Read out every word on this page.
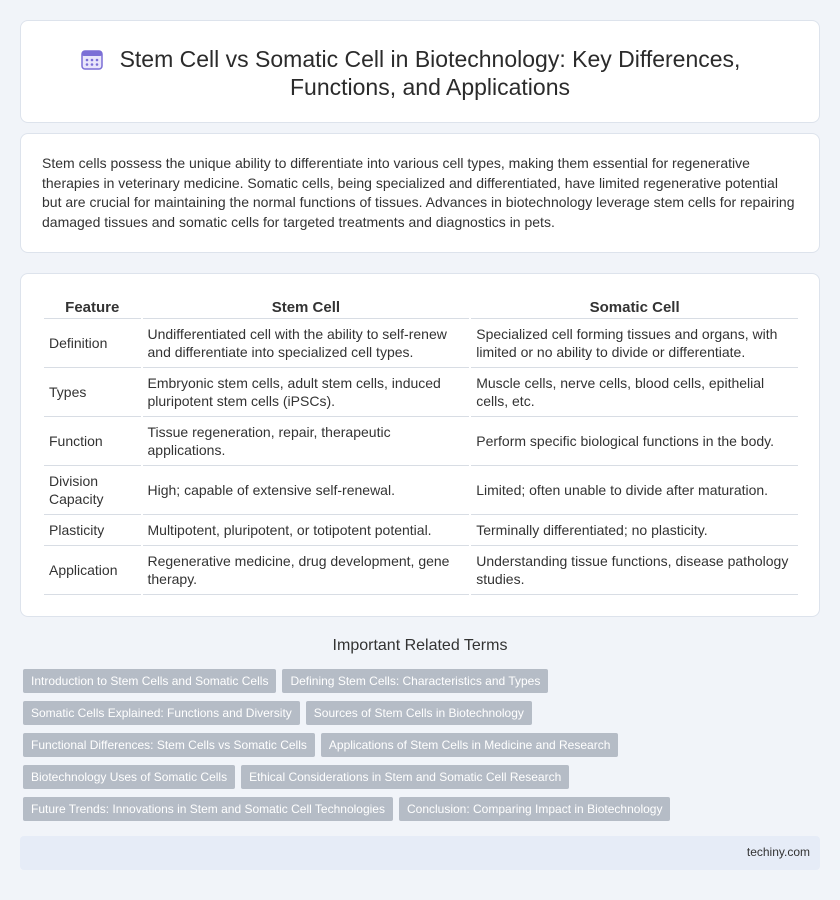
Stem Cell vs Somatic Cell in Biotechnology: Key Differences, Functions, and Applications

Stem cells possess the unique ability to differentiate into various cell types, making them essential for regenerative therapies in veterinary medicine. Somatic cells, being specialized and differentiated, have limited regenerative potential but are crucial for maintaining the normal functions of tissues. Advances in biotechnology leverage stem cells for repairing damaged tissues and somatic cells for targeted treatments and diagnostics in pets.

Feature	Stem Cell	Somatic Cell
Definition	Undifferentiated cell with the ability to self-renew and differentiate into specialized cell types.	Specialized cell forming tissues and organs, with limited or no ability to divide or differentiate.
Types	Embryonic stem cells, adult stem cells, induced pluripotent stem cells (iPSCs).	Muscle cells, nerve cells, blood cells, epithelial cells, etc.
Function	Tissue regeneration, repair, therapeutic applications.	Perform specific biological functions in the body.
Division Capacity	High; capable of extensive self-renewal.	Limited; often unable to divide after maturation.
Plasticity	Multipotent, pluripotent, or totipotent potential.	Terminally differentiated; no plasticity.
Application	Regenerative medicine, drug development, gene therapy.	Understanding tissue functions, disease pathology studies.
Important Related Terms
Introduction to Stem Cells and Somatic Cells Defining Stem Cells: Characteristics and Types
Somatic Cells Explained: Functions and Diversity Sources of Stem Cells in Biotechnology
Functional Differences: Stem Cells vs Somatic Cells Applications of Stem Cells in Medicine and Research
Biotechnology Uses of Somatic Cells Ethical Considerations in Stem and Somatic Cell Research
Future Trends: Innovations in Stem and Somatic Cell Technologies Conclusion: Comparing Impact in Biotechnology
techiny.com
